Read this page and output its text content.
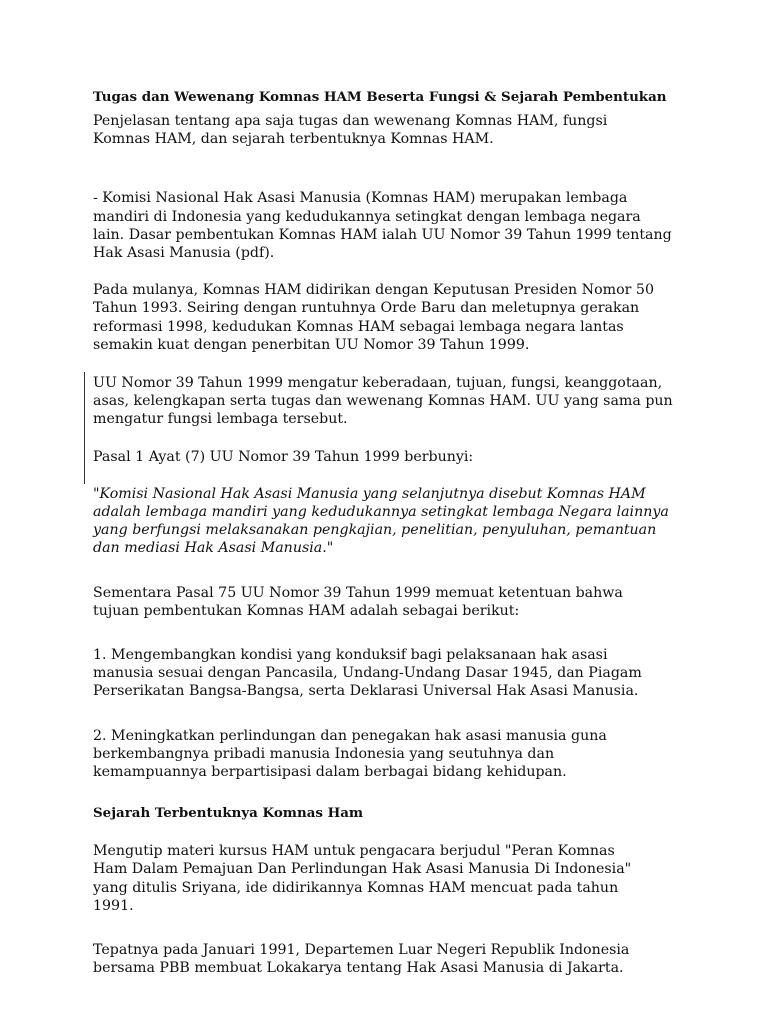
Tugas dan Wewenang Komnas HAM Beserta Fungsi & Sejarah Pembentukan

Penjelasan tentang apa saja tugas dan wewenang Komnas HAM, fungsi Komnas HAM, dan sejarah terbentuknya Komnas HAM.

- Komisi Nasional Hak Asasi Manusia (Komnas HAM) merupakan lembaga mandiri di Indonesia yang kedudukannya setingkat dengan lembaga negara lain. Dasar pembentukan Komnas HAM ialah UU Nomor 39 Tahun 1999 tentang Hak Asasi Manusia (pdf).

Pada mulanya, Komnas HAM didirikan dengan Keputusan Presiden Nomor 50 Tahun 1993. Seiring dengan runtuhnya Orde Baru dan meletupnya gerakan reformasi 1998, kedudukan Komnas HAM sebagai lembaga negara lantas semakin kuat dengan penerbitan UU Nomor 39 Tahun 1999.

UU Nomor 39 Tahun 1999 mengatur keberadaan, tujuan, fungsi, keanggotaan, asas, kelengkapan serta tugas dan wewenang Komnas HAM. UU yang sama pun mengatur fungsi lembaga tersebut.

Pasal 1 Ayat (7) UU Nomor 39 Tahun 1999 berbunyi:

"Komisi Nasional Hak Asasi Manusia yang selanjutnya disebut Komnas HAM adalah lembaga mandiri yang kedudukannya setingkat lembaga Negara lainnya yang berfungsi melaksanakan pengkajian, penelitian, penyuluhan, pemantuan dan mediasi Hak Asasi Manusia."

Sementara Pasal 75 UU Nomor 39 Tahun 1999 memuat ketentuan bahwa tujuan pembentukan Komnas HAM adalah sebagai berikut:

1. Mengembangkan kondisi yang konduksif bagi pelaksanaan hak asasi manusia sesuai dengan Pancasila, Undang-Undang Dasar 1945, dan Piagam Perserikatan Bangsa-Bangsa, serta Deklarasi Universal Hak Asasi Manusia.

2. Meningkatkan perlindungan dan penegakan hak asasi manusia guna berkembangnya pribadi manusia Indonesia yang seutuhnya dan kemampuannya berpartisipasi dalam berbagai bidang kehidupan.

Sejarah Terbentuknya Komnas Ham

Mengutip materi kursus HAM untuk pengacara berjudul "Peran Komnas Ham Dalam Pemajuan Dan Perlindungan Hak Asasi Manusia Di Indonesia" yang ditulis Sriyana, ide didirikannya Komnas HAM mencuat pada tahun 1991.

Tepatnya pada Januari 1991, Departemen Luar Negeri Republik Indonesia bersama PBB membuat Lokakarya tentang Hak Asasi Manusia di Jakarta.
